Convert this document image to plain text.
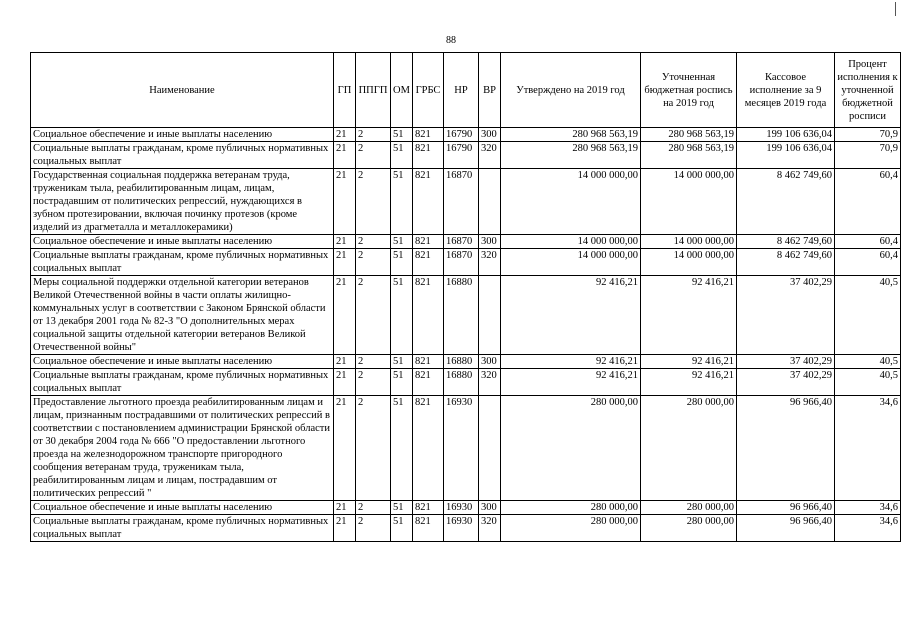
88
Наименование	ГП	ППГП	ОМ	ГРБС	НР	ВР	Утверждено на 2019 год	Уточненная бюджетная роспись на 2019 год	Кассовое исполнение за 9 месяцев 2019 года	Процент исполнения к уточненной бюджетной росписи
Социальное обеспечение и иные выплаты населению	21	2	51	821	16790	300	280 968 563,19	280 968 563,19	199 106 636,04	70,9
Социальные выплаты гражданам, кроме публичных нормативных социальных выплат	21	2	51	821	16790	320	280 968 563,19	280 968 563,19	199 106 636,04	70,9
Государственная социальная поддержка ветеранам труда, труженикам тыла, реабилитированным лицам, лицам, пострадавшим от политических репрессий, нуждающихся в зубном протезировании, включая починку протезов (кроме изделий из драгметалла и металлокерамики)	21	2	51	821	16870		14 000 000,00	14 000 000,00	8 462 749,60	60,4
Социальное обеспечение и иные выплаты населению	21	2	51	821	16870	300	14 000 000,00	14 000 000,00	8 462 749,60	60,4
Социальные выплаты гражданам, кроме публичных нормативных социальных выплат	21	2	51	821	16870	320	14 000 000,00	14 000 000,00	8 462 749,60	60,4
Меры социальной поддержки отдельной категории ветеранов Великой Отечественной войны в части оплаты жилищно-коммунальных услуг в соответствии с Законом Брянской области от 13 декабря 2001 года № 82-З "О дополнительных мерах социальной защиты отдельной категории ветеранов Великой Отечественной войны"	21	2	51	821	16880		92 416,21	92 416,21	37 402,29	40,5
Социальное обеспечение и иные выплаты населению	21	2	51	821	16880	300	92 416,21	92 416,21	37 402,29	40,5
Социальные выплаты гражданам, кроме публичных нормативных социальных выплат	21	2	51	821	16880	320	92 416,21	92 416,21	37 402,29	40,5
Предоставление льготного проезда реабилитированным лицам и лицам, признанным пострадавшими от политических репрессий в соответствии с постановлением администрации Брянской области от 30 декабря 2004 года № 666 "О предоставлении льготного проезда на железнодорожном транспорте пригородного сообщения ветеранам труда, труженикам тыла, реабилитированным лицам и лицам, пострадавшим от политических репрессий "	21	2	51	821	16930		280 000,00	280 000,00	96 966,40	34,6
Социальное обеспечение и иные выплаты населению	21	2	51	821	16930	300	280 000,00	280 000,00	96 966,40	34,6
Социальные выплаты гражданам, кроме публичных нормативных социальных выплат	21	2	51	821	16930	320	280 000,00	280 000,00	96 966,40	34,6
